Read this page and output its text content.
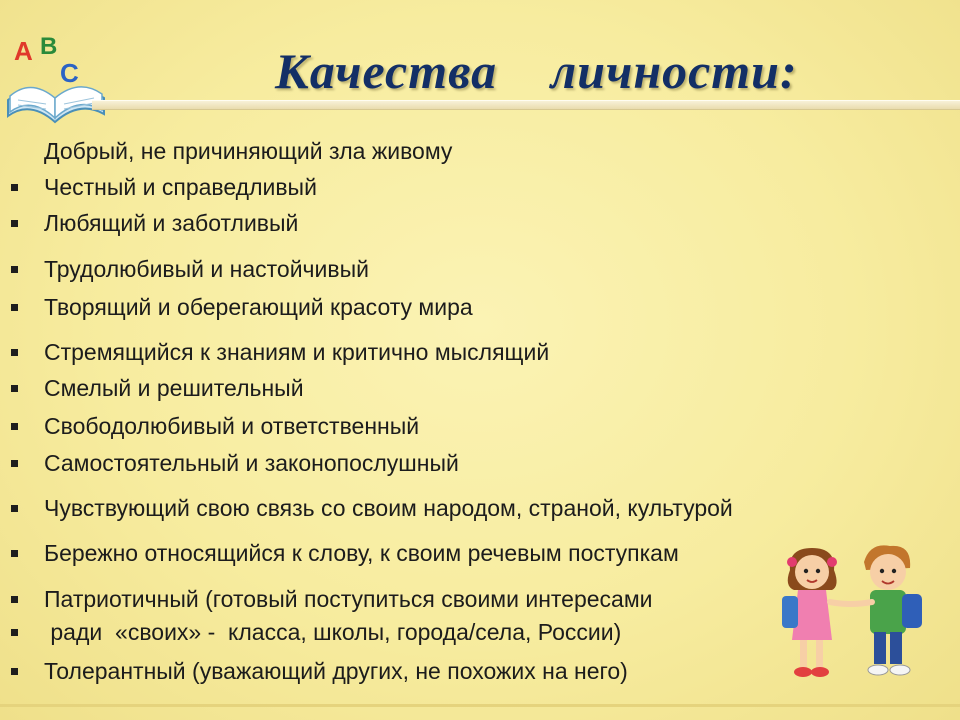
A B
C	Качества личности:
Добрый, не причиняющий зла живому
Честный и справедливый
Любящий и заботливый
Трудолюбивый и настойчивый
Творящий и оберегающий красоту мира
Стремящийся к знаниям и критично мыслящий
Смелый и решительный
Свободолюбивый и ответственный
Самостоятельный и законопослушный
Чувствующий свою связь со своим народом, страной, культурой
Бережно относящийся к слову, к своим речевым поступкам
Патриотичный (готовый поступиться своими интересами
ради  «своих» -  класса, школы, города/села, России)
Толерантный (уважающий других, не похожих на него)
